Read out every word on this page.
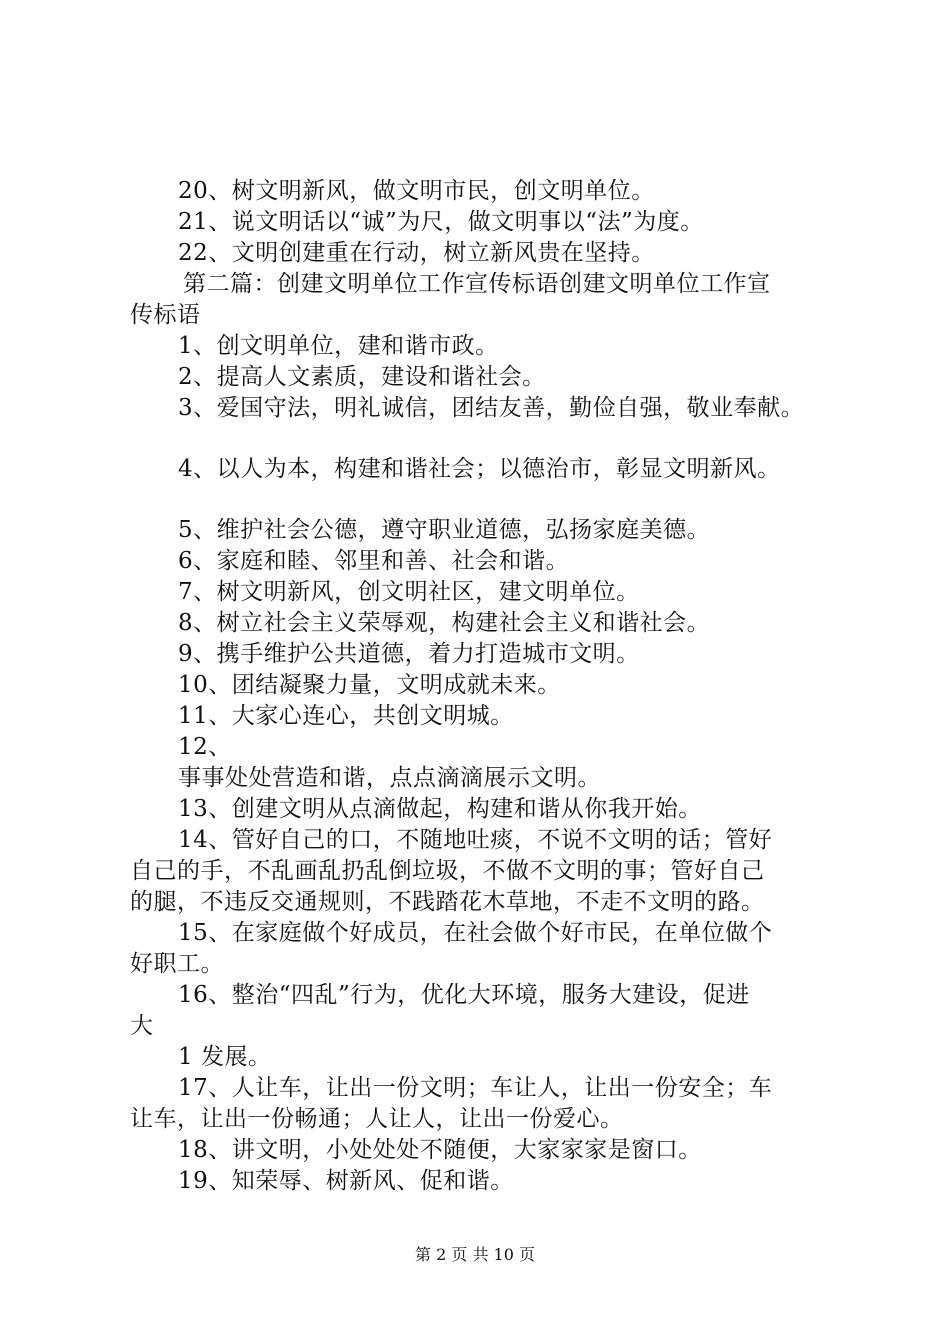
20、树文明新风，做文明市民，创文明单位。
21、说文明话以“诚”为尺，做文明事以“法”为度。
22、文明创建重在行动，树立新风贵在坚持。
第二篇：创建文明单位工作宣传标语创建文明单位工作宣
传标语
1、创文明单位，建和谐市政。
2、提高人文素质，建设和谐社会。
3、爱国守法，明礼诚信，团结友善，勤俭自强，敬业奉献。
4、以人为本，构建和谐社会；以德治市，彰显文明新风。
5、维护社会公德，遵守职业道德，弘扬家庭美德。
6、家庭和睦、邻里和善、社会和谐。
7、树文明新风，创文明社区，建文明单位。
8、树立社会主义荣辱观，构建社会主义和谐社会。
9、携手维护公共道德，着力打造城市文明。
10、团结凝聚力量，文明成就未来。
11、大家心连心，共创文明城。
12、
事事处处营造和谐，点点滴滴展示文明。
13、创建文明从点滴做起，构建和谐从你我开始。
14、管好自己的口，不随地吐痰，不说不文明的话；管好
自己的手，不乱画乱扔乱倒垃圾，不做不文明的事；管好自己
的腿，不违反交通规则，不践踏花木草地，不走不文明的路。
15、在家庭做个好成员，在社会做个好市民，在单位做个
好职工。
16、整治“四乱”行为，优化大环境，服务大建设，促进
大
1 发展。
17、人让车，让出一份文明；车让人，让出一份安全；车
让车，让出一份畅通；人让人，让出一份爱心。
18、讲文明，小处处处不随便，大家家家是窗口。
19、知荣辱、树新风、促和谐。
第 2 页 共 10 页
